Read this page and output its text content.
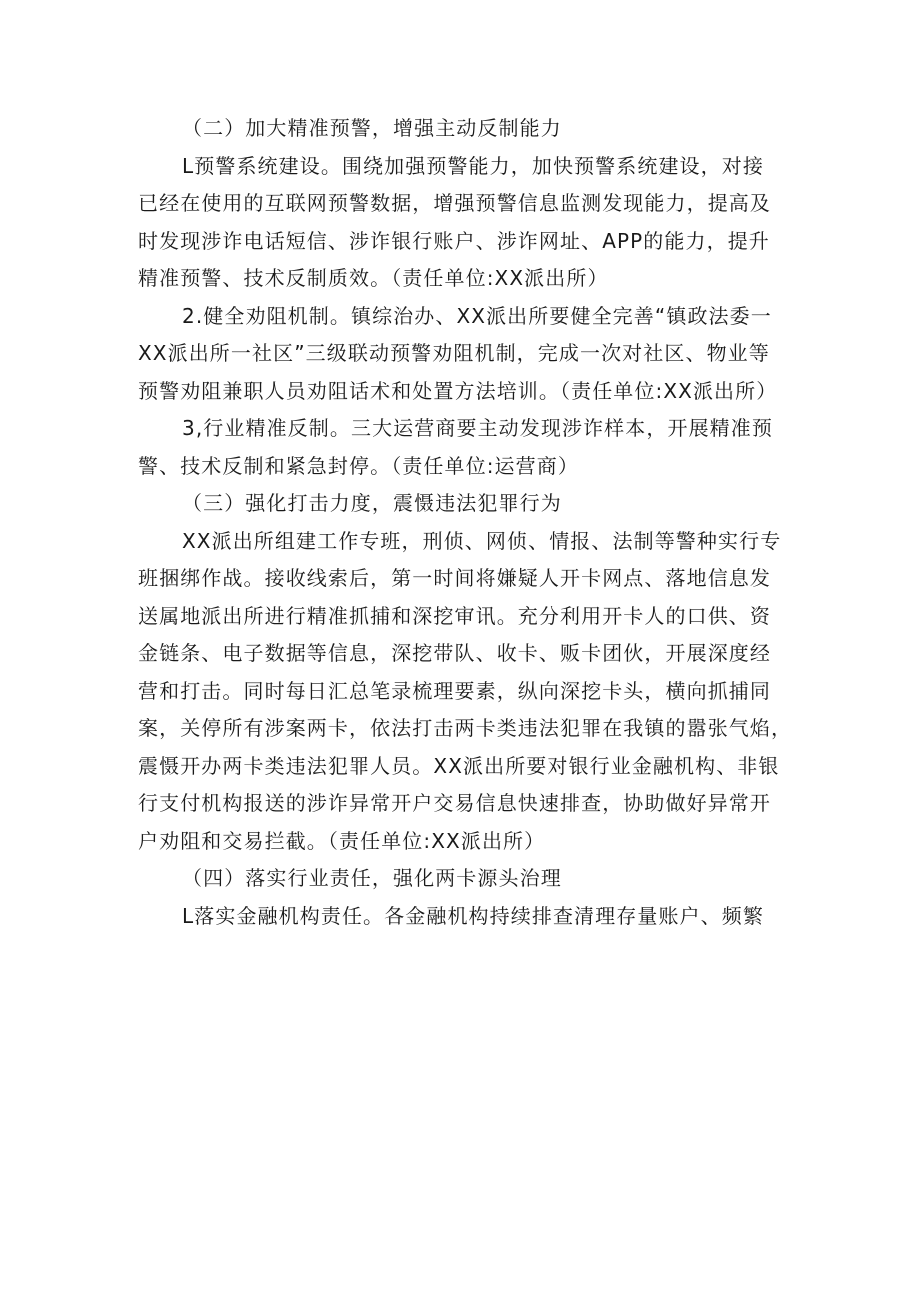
（二）加大精准预警，增强主动反制能力

L预警系统建设。围绕加强预警能力，加快预警系统建设，对接

已经在使用的互联网预警数据，增强预警信息监测发现能力，提高及

时发现涉诈电话短信、涉诈银行账户、涉诈网址、APP的能力，提升

精准预警、技术反制质效。（责任单位:XX派出所）

2.健全劝阻机制。镇综治办、XX派出所要健全完善“镇政法委一

XX派出所一社区”三级联动预警劝阻机制，完成一次对社区、物业等

预警劝阻兼职人员劝阻话术和处置方法培训。（责任单位:XX派出所）

3,行业精准反制。三大运营商要主动发现涉诈样本，开展精准预

警、技术反制和紧急封停。（责任单位:运营商）

（三）强化打击力度，震慑违法犯罪行为

XX派出所组建工作专班，刑侦、网侦、情报、法制等警种实行专

班捆绑作战。接收线索后，第一时间将嫌疑人开卡网点、落地信息发

送属地派出所进行精准抓捕和深挖审讯。充分利用开卡人的口供、资

金链条、电子数据等信息，深挖带队、收卡、贩卡团伙，开展深度经

营和打击。同时每日汇总笔录梳理要素，纵向深挖卡头，横向抓捕同

案，关停所有涉案两卡，依法打击两卡类违法犯罪在我镇的嚣张气焰，

震慑开办两卡类违法犯罪人员。XX派出所要对银行业金融机构、非银

行支付机构报送的涉诈异常开户交易信息快速排查，协助做好异常开

户劝阻和交易拦截。（责任单位:XX派出所）

（四）落实行业责任，强化两卡源头治理

L落实金融机构责任。各金融机构持续排查清理存量账户、频繁
